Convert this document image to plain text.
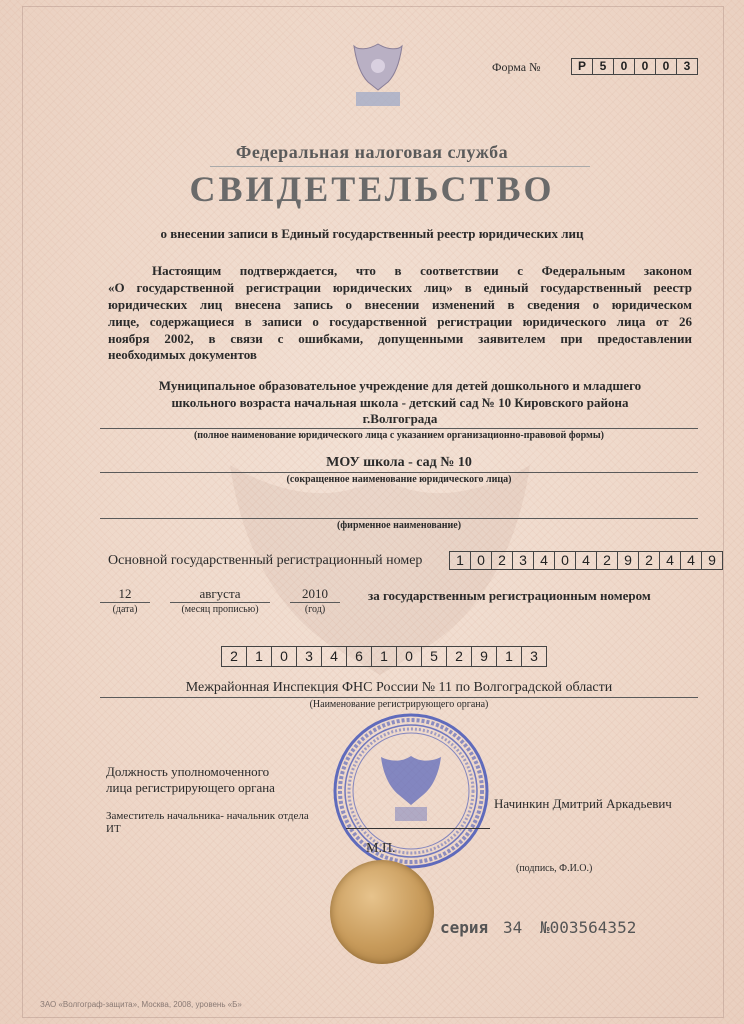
Форма №	Р	5	0	0	0	3
Федеральная налоговая служба
СВИДЕТЕЛЬСТВО
о внесении записи в Единый государственный реестр юридических лиц
Настоящим подтверждается, что в соответствии с Федеральным законом
«О государственной регистрации юридических лиц» в единый государственный реестр
юридических лиц внесена запись о внесении изменений в сведения о юридическом
лице, содержащиеся в записи о государственной регистрации юридического лица от 26
ноября 2002, в связи с ошибками, допущенными заявителем при предоставлении
необходимых документов
Муниципальное образовательное учреждение для детей дошкольного и младшего
школьного возраста начальная школа - детский сад № 10 Кировского района
г.Волгограда
(полное наименование юридического лица с указанием организационно-правовой формы)
МОУ школа - сад № 10
(сокращенное наименование юридического лица)
(фирменное наименование)
Основной государственный регистрационный номер	1 0 2 3 4 0 4 2 9 2 4 4 9
12
(дата)
августа
(месяц прописью)
2010
(год)
за государственным регистрационным номером
2	1	0	3	4	6	1	0	5	2	9	1	3
Межрайонная Инспекция ФНС России № 11 по Волгоградской области
(Наименование регистрирующего органа)
Должность уполномоченного
лица регистрирующего органа
Начинкин Дмитрий Аркадьевич
Заместитель начальника- начальник отдела
ИТ
М.П.
(подпись, Ф.И.О.)
серия 34 №003564352
ЗАО «Волгограф-защита», Москва, 2008, уровень «Б»
